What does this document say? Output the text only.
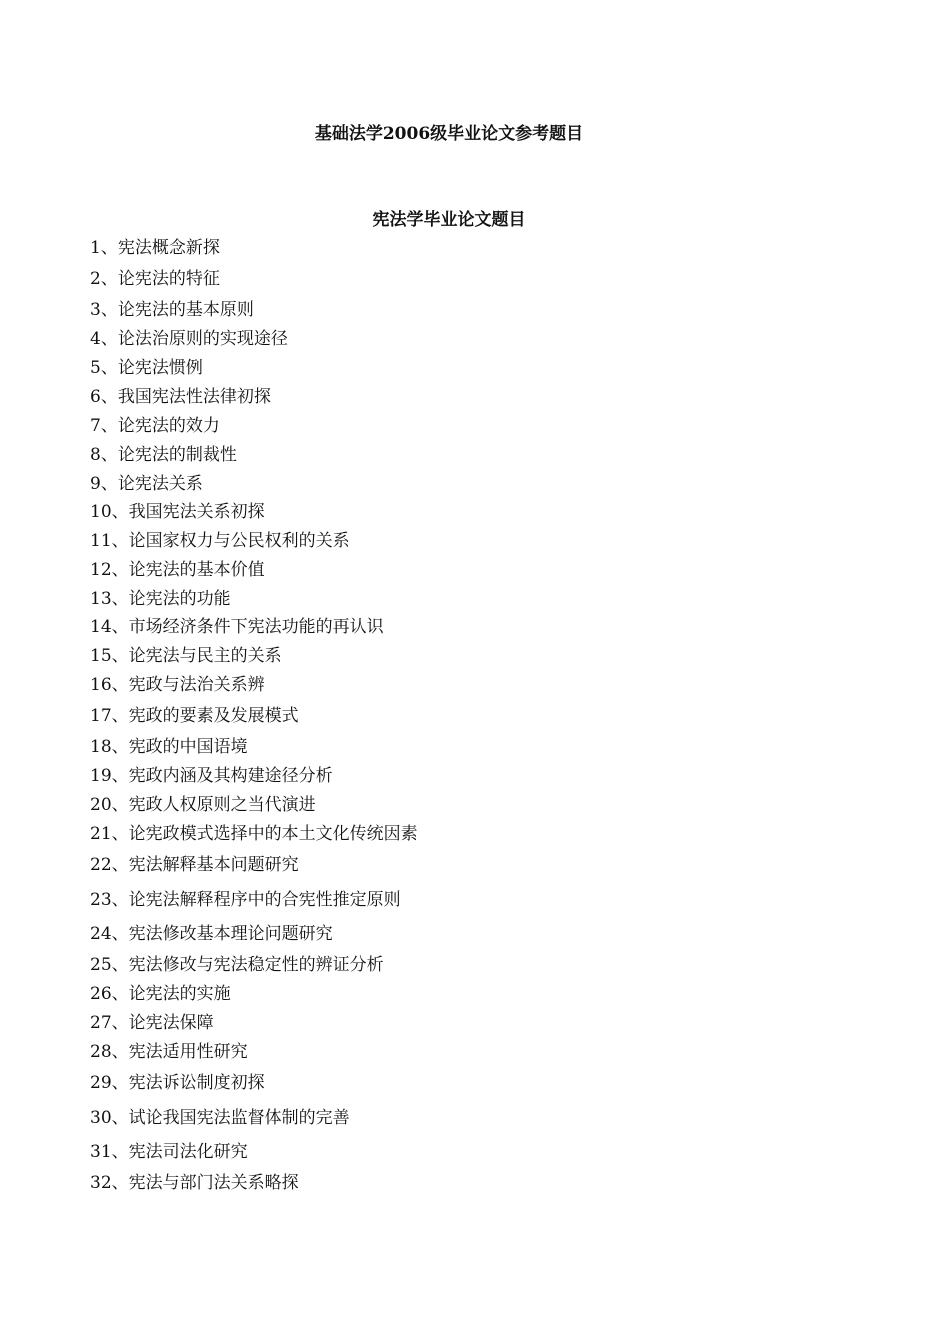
基础法学2006级毕业论文参考题目
宪法学毕业论文题目
1、宪法概念新探
2、论宪法的特征
3、论宪法的基本原则
4、论法治原则的实现途径
5、论宪法惯例
6、我国宪法性法律初探
7、论宪法的效力
8、论宪法的制裁性
9、论宪法关系
10、我国宪法关系初探
11、论国家权力与公民权利的关系
12、论宪法的基本价值
13、论宪法的功能
14、市场经济条件下宪法功能的再认识
15、论宪法与民主的关系
16、宪政与法治关系辨
17、宪政的要素及发展模式
18、宪政的中国语境
19、宪政内涵及其构建途径分析
20、宪政人权原则之当代演进
21、论宪政模式选择中的本土文化传统因素
22、宪法解释基本问题研究
23、论宪法解释程序中的合宪性推定原则
24、宪法修改基本理论问题研究
25、宪法修改与宪法稳定性的辨证分析
26、论宪法的实施
27、论宪法保障
28、宪法适用性研究
29、宪法诉讼制度初探
30、试论我国宪法监督体制的完善
31、宪法司法化研究
32、宪法与部门法关系略探
